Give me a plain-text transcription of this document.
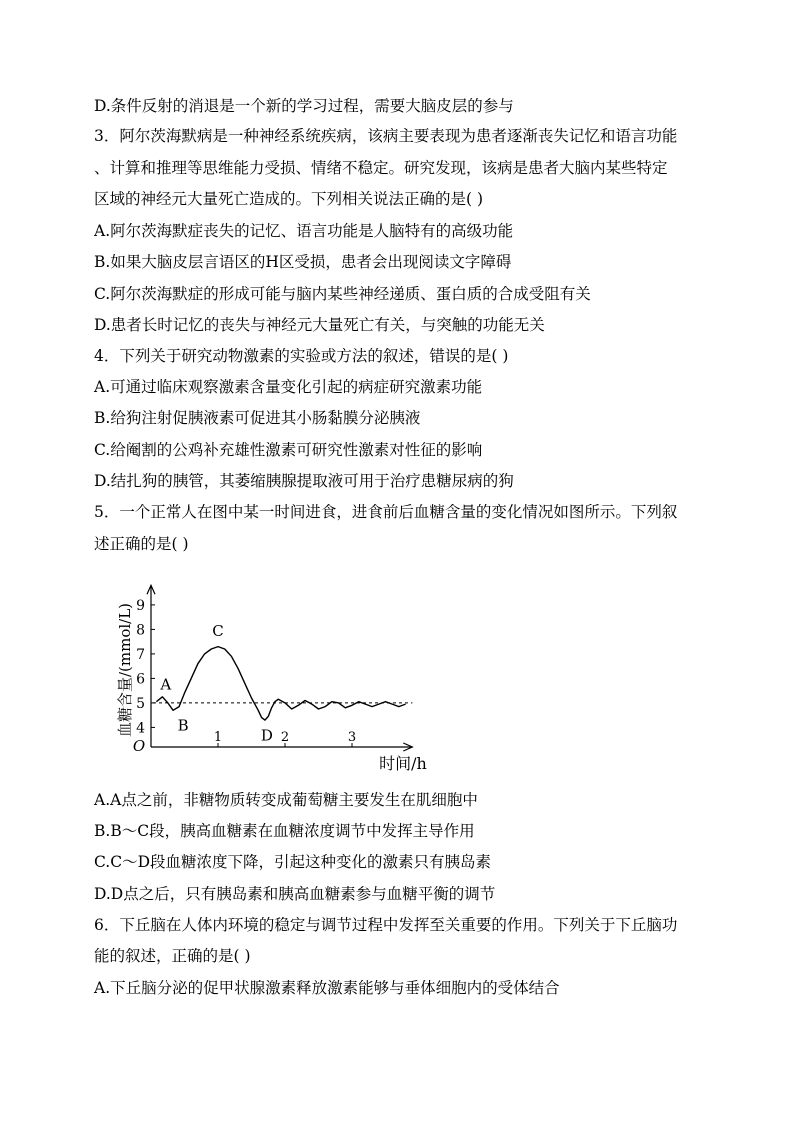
D.条件反射的消退是一个新的学习过程，需要大脑皮层的参与
3．阿尔茨海默病是一种神经系统疾病，该病主要表现为患者逐渐丧失记忆和语言功能
、计算和推理等思维能力受损、情绪不稳定。研究发现，该病是患者大脑内某些特定
区域的神经元大量死亡造成的。下列相关说法正确的是( )
A.阿尔茨海默症丧失的记忆、语言功能是人脑特有的高级功能
B.如果大脑皮层言语区的H区受损，患者会出现阅读文字障碍
C.阿尔茨海默症的形成可能与脑内某些神经递质、蛋白质的合成受阻有关
D.患者长时记忆的丧失与神经元大量死亡有关，与突触的功能无关
4．下列关于研究动物激素的实验或方法的叙述，错误的是( )
A.可通过临床观察激素含量变化引起的病症研究激素功能
B.给狗注射促胰液素可促进其小肠黏膜分泌胰液
C.给阉割的公鸡补充雄性激素可研究性激素对性征的影响
D.结扎狗的胰管，其萎缩胰腺提取液可用于治疗患糖尿病的狗
5．一个正常人在图中某一时间进食，进食前后血糖含量的变化情况如图所示。下列叙
述正确的是( )
A.A点之前，非糖物质转变成葡萄糖主要发生在肌细胞中
B.B～C段，胰高血糖素在血糖浓度调节中发挥主导作用
C.C～D段血糖浓度下降，引起这种变化的激素只有胰岛素
D.D点之后，只有胰岛素和胰高血糖素参与血糖平衡的调节
6．下丘脑在人体内环境的稳定与调节过程中发挥至关重要的作用。下列关于下丘脑功
能的叙述，正确的是( )
A.下丘脑分泌的促甲状腺激素释放激素能够与垂体细胞内的受体结合
4
5
6
7
8
9
1	2	3
O
时间/h
血糖含量/(mmol/L) A
B
C
D
